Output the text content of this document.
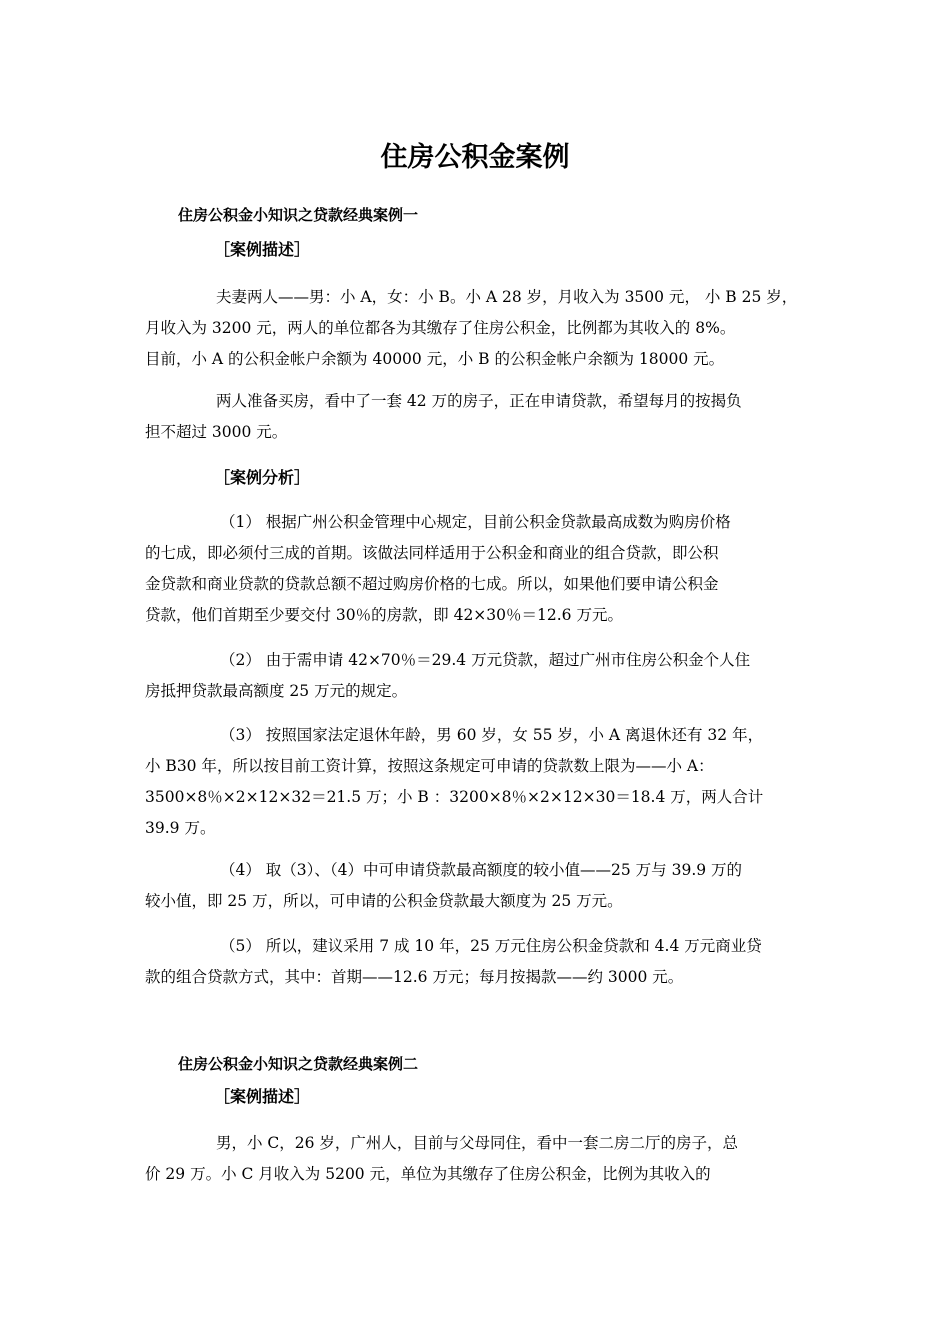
住房公积金案例
住房公积金小知识之贷款经典案例一
［案例描述］

夫妻两人——男：小 A，女：小 B。小 A 28 岁，月收入为 3500 元， 小 B 25 岁，
月收入为 3200 元，两人的单位都各为其缴存了住房公积金，比例都为其收入的 8%。
目前，小 A 的公积金帐户余额为 40000 元，小 B 的公积金帐户余额为 18000 元。

两人准备买房，看中了一套 42 万的房子，正在申请贷款，希望每月的按揭负
担不超过 3000 元。

［案例分析］

（1） 根据广州公积金管理中心规定，目前公积金贷款最高成数为购房价格
的七成，即必须付三成的首期。该做法同样适用于公积金和商业的组合贷款，即公积
金贷款和商业贷款的贷款总额不超过购房价格的七成。所以，如果他们要申请公积金
贷款，他们首期至少要交付 30％的房款，即 42×30％＝12.6 万元。

（2） 由于需申请 42×70％＝29.4 万元贷款，超过广州市住房公积金个人住
房抵押贷款最高额度 25 万元的规定。

（3） 按照国家法定退休年龄，男 60 岁，女 55 岁，小 A 离退休还有 32 年，
小 B30 年，所以按目前工资计算，按照这条规定可申请的贷款数上限为——小 A：
3500×8％×2×12×32＝21.5 万；小 B ：3200×8％×2×12×30＝18.4 万，两人合计
39.9 万。

（4） 取（3）、（4）中可申请贷款最高额度的较小值——25 万与 39.9 万的
较小值，即 25 万，所以，可申请的公积金贷款最大额度为 25 万元。

（5） 所以，建议采用 7 成 10 年，25 万元住房公积金贷款和 4.4 万元商业贷
款的组合贷款方式，其中：首期——12.6 万元；每月按揭款——约 3000 元。

住房公积金小知识之贷款经典案例二
［案例描述］

男，小 C，26 岁，广州人，目前与父母同住，看中一套二房二厅的房子，总
价 29 万。小 C 月收入为 5200 元，单位为其缴存了住房公积金，比例为其收入的
